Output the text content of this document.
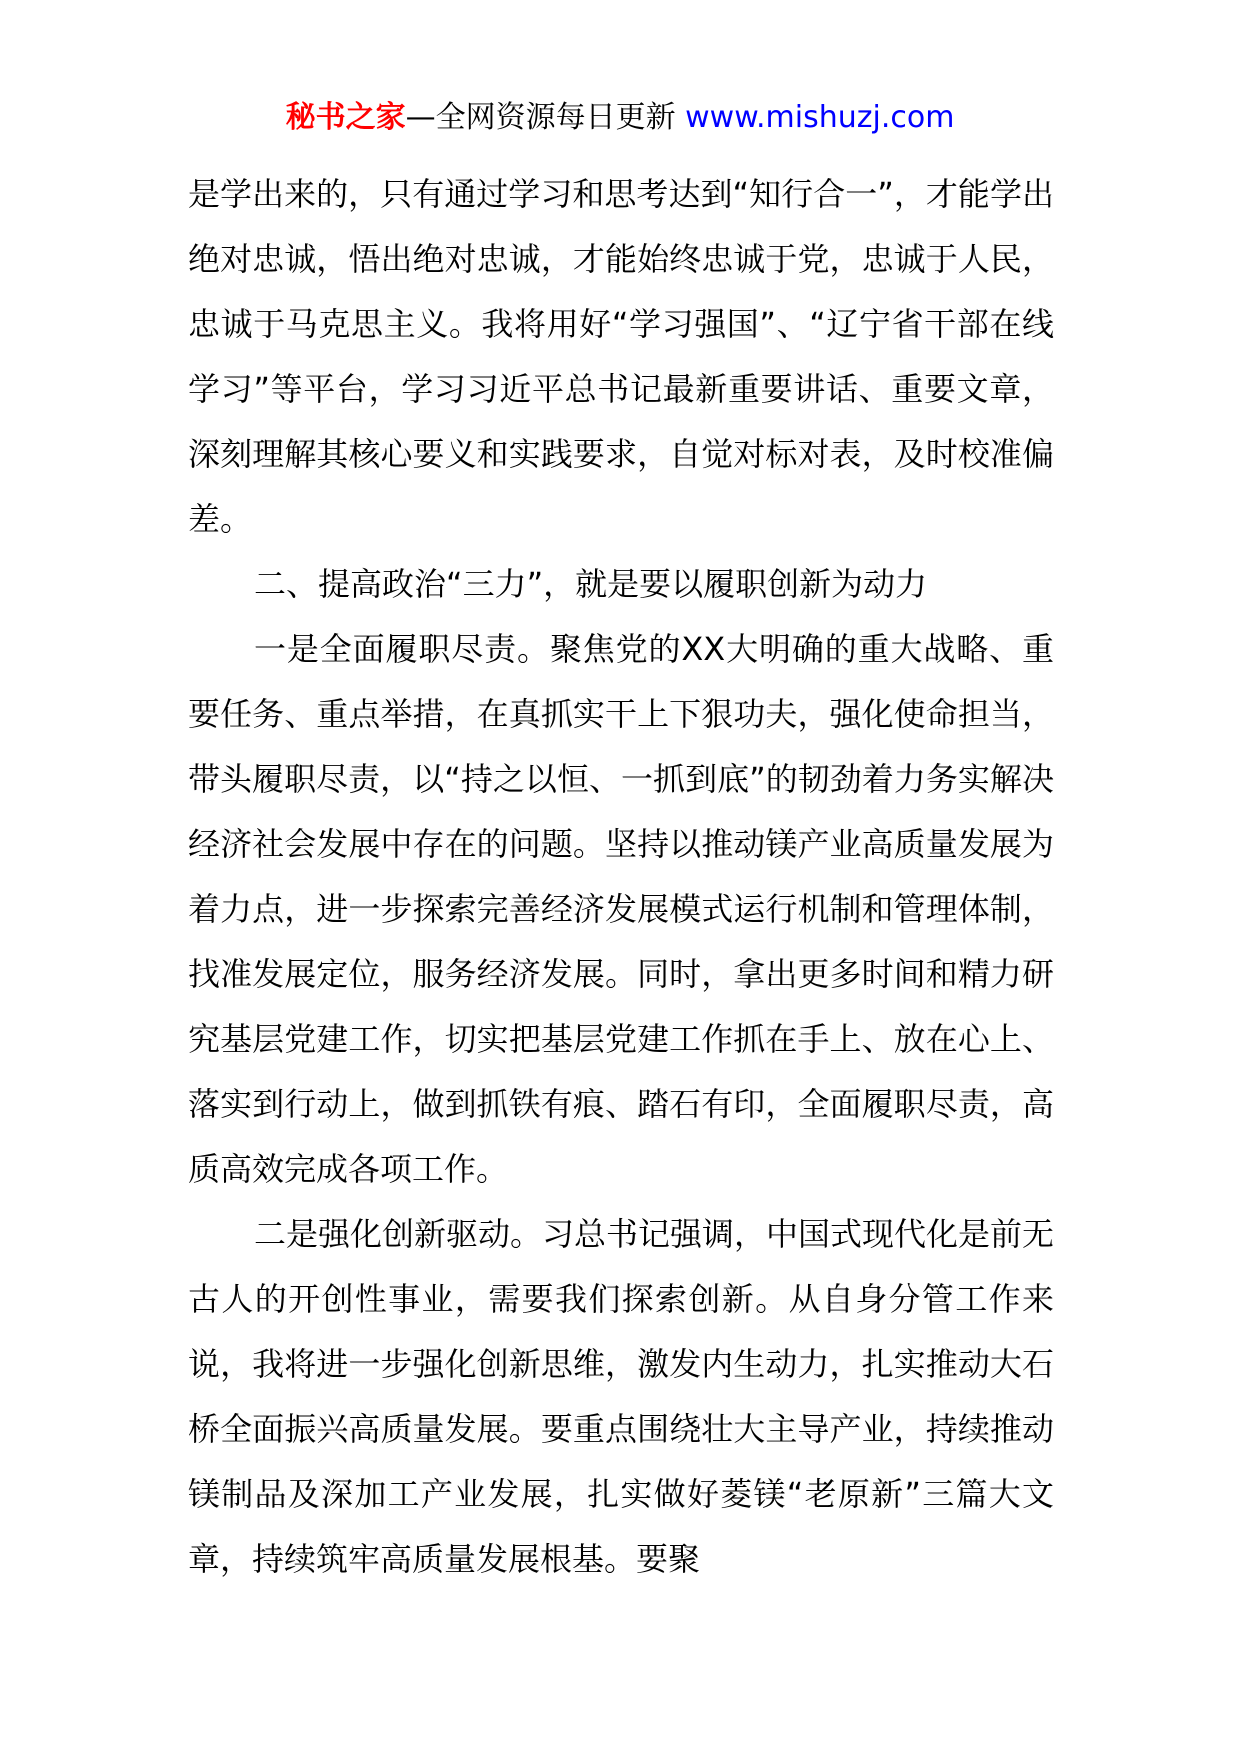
秘书之家—全网资源每日更新 www.mishuzj.com

是学出来的，只有通过学习和思考达到“知行合一”，才能学出绝对忠诚，悟出绝对忠诚，才能始终忠诚于党，忠诚于人民，忠诚于马克思主义。我将用好“学习强国”、“辽宁省干部在线学习”等平台，学习习近平总书记最新重要讲话、重要文章，深刻理解其核心要义和实践要求，自觉对标对表，及时校准偏差。

二、提高政治“三力”，就是要以履职创新为动力

一是全面履职尽责。聚焦党的XX大明确的重大战略、重要任务、重点举措，在真抓实干上下狠功夫，强化使命担当，带头履职尽责，以“持之以恒、一抓到底”的韧劲着力务实解决经济社会发展中存在的问题。坚持以推动镁产业高质量发展为着力点，进一步探索完善经济发展模式运行机制和管理体制，找准发展定位，服务经济发展。同时，拿出更多时间和精力研究基层党建工作，切实把基层党建工作抓在手上、放在心上、落实到行动上，做到抓铁有痕、踏石有印，全面履职尽责，高质高效完成各项工作。

二是强化创新驱动。习总书记强调，中国式现代化是前无古人的开创性事业，需要我们探索创新。从自身分管工作来说，我将进一步强化创新思维，激发内生动力，扎实推动大石桥全面振兴高质量发展。要重点围绕壮大主导产业，持续推动镁制品及深加工产业发展，扎实做好菱镁“老原新”三篇大文章，持续筑牢高质量发展根基。要聚
